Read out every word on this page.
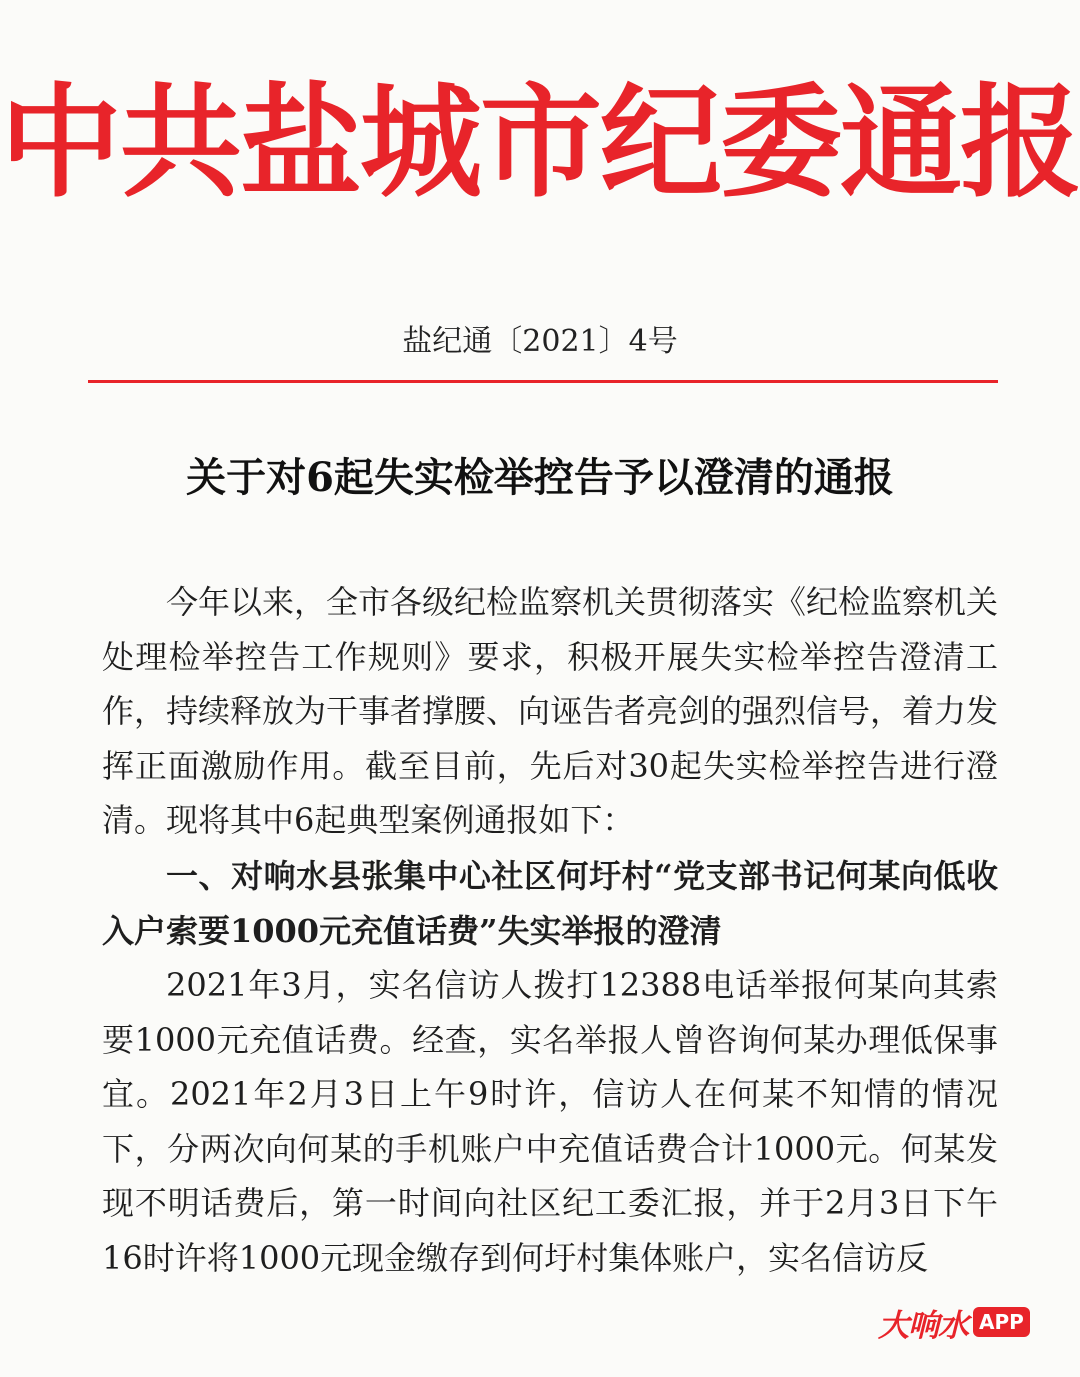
中共盐城市纪委通报
盐纪通〔2021〕4号
关于对6起失实检举控告予以澄清的通报

今年以来，全市各级纪检监察机关贯彻落实《纪检监察机关处理检举控告工作规则》要求，积极开展失实检举控告澄清工作，持续释放为干事者撑腰、向诬告者亮剑的强烈信号，着力发挥正面激励作用。截至目前，先后对30起失实检举控告进行澄清。现将其中6起典型案例通报如下：

一、对响水县张集中心社区何圩村“党支部书记何某向低收入户索要1000元充值话费”失实举报的澄清

2021年3月，实名信访人拨打12388电话举报何某向其索要1000元充值话费。经查，实名举报人曾咨询何某办理低保事宜。2021年2月3日上午9时许，信访人在何某不知情的情况下，分两次向何某的手机账户中充值话费合计1000元。何某发现不明话费后，第一时间向社区纪工委汇报，并于2月3日下午16时许将1000元现金缴存到何圩村集体账户，实名信访反

大响水 APP
